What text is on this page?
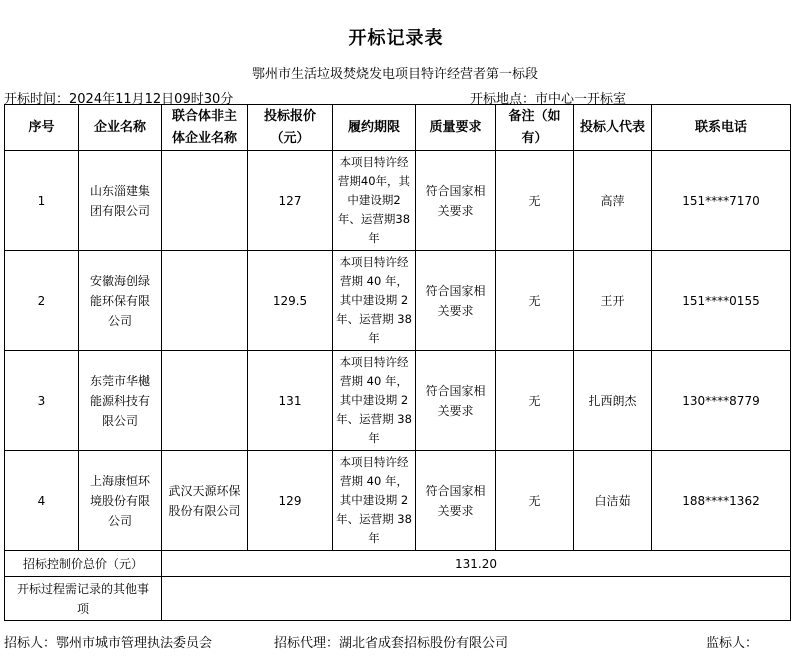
开标记录表
鄂州市生活垃圾焚烧发电项目特许经营者第一标段
开标时间：2024年11月12日09时30分	开标地点：市中心一开标室
序号	企业名称	联合体非主体企业名称	投标报价（元）	履约期限	质量要求	备注（如有）	投标人代表	联系电话
1	山东淄建集团有限公司		127	本项目特许经营期40年，其中建设期2年、运营期38年	符合国家相关要求	无	高萍	151****7170
2	安徽海创绿能环保有限公司		129.5	本项目特许经营期 40 年，其中建设期 2 年、运营期 38 年	符合国家相关要求	无	王开	151****0155
3	东莞市华樾能源科技有限公司		131	本项目特许经营期 40 年，其中建设期 2 年、运营期 38 年	符合国家相关要求	无	扎西朗杰	130****8779
4	上海康恒环境股份有限公司	武汉天源环保股份有限公司	129	本项目特许经营期 40 年，其中建设期 2 年、运营期 38 年	符合国家相关要求	无	白洁茹	188****1362
招标控制价总价（元）		131.20						
开标过程需记录的其他事项								
招标人：鄂州市城市管理执法委员会	招标代理：湖北省成套招标股份有限公司	监标人：
